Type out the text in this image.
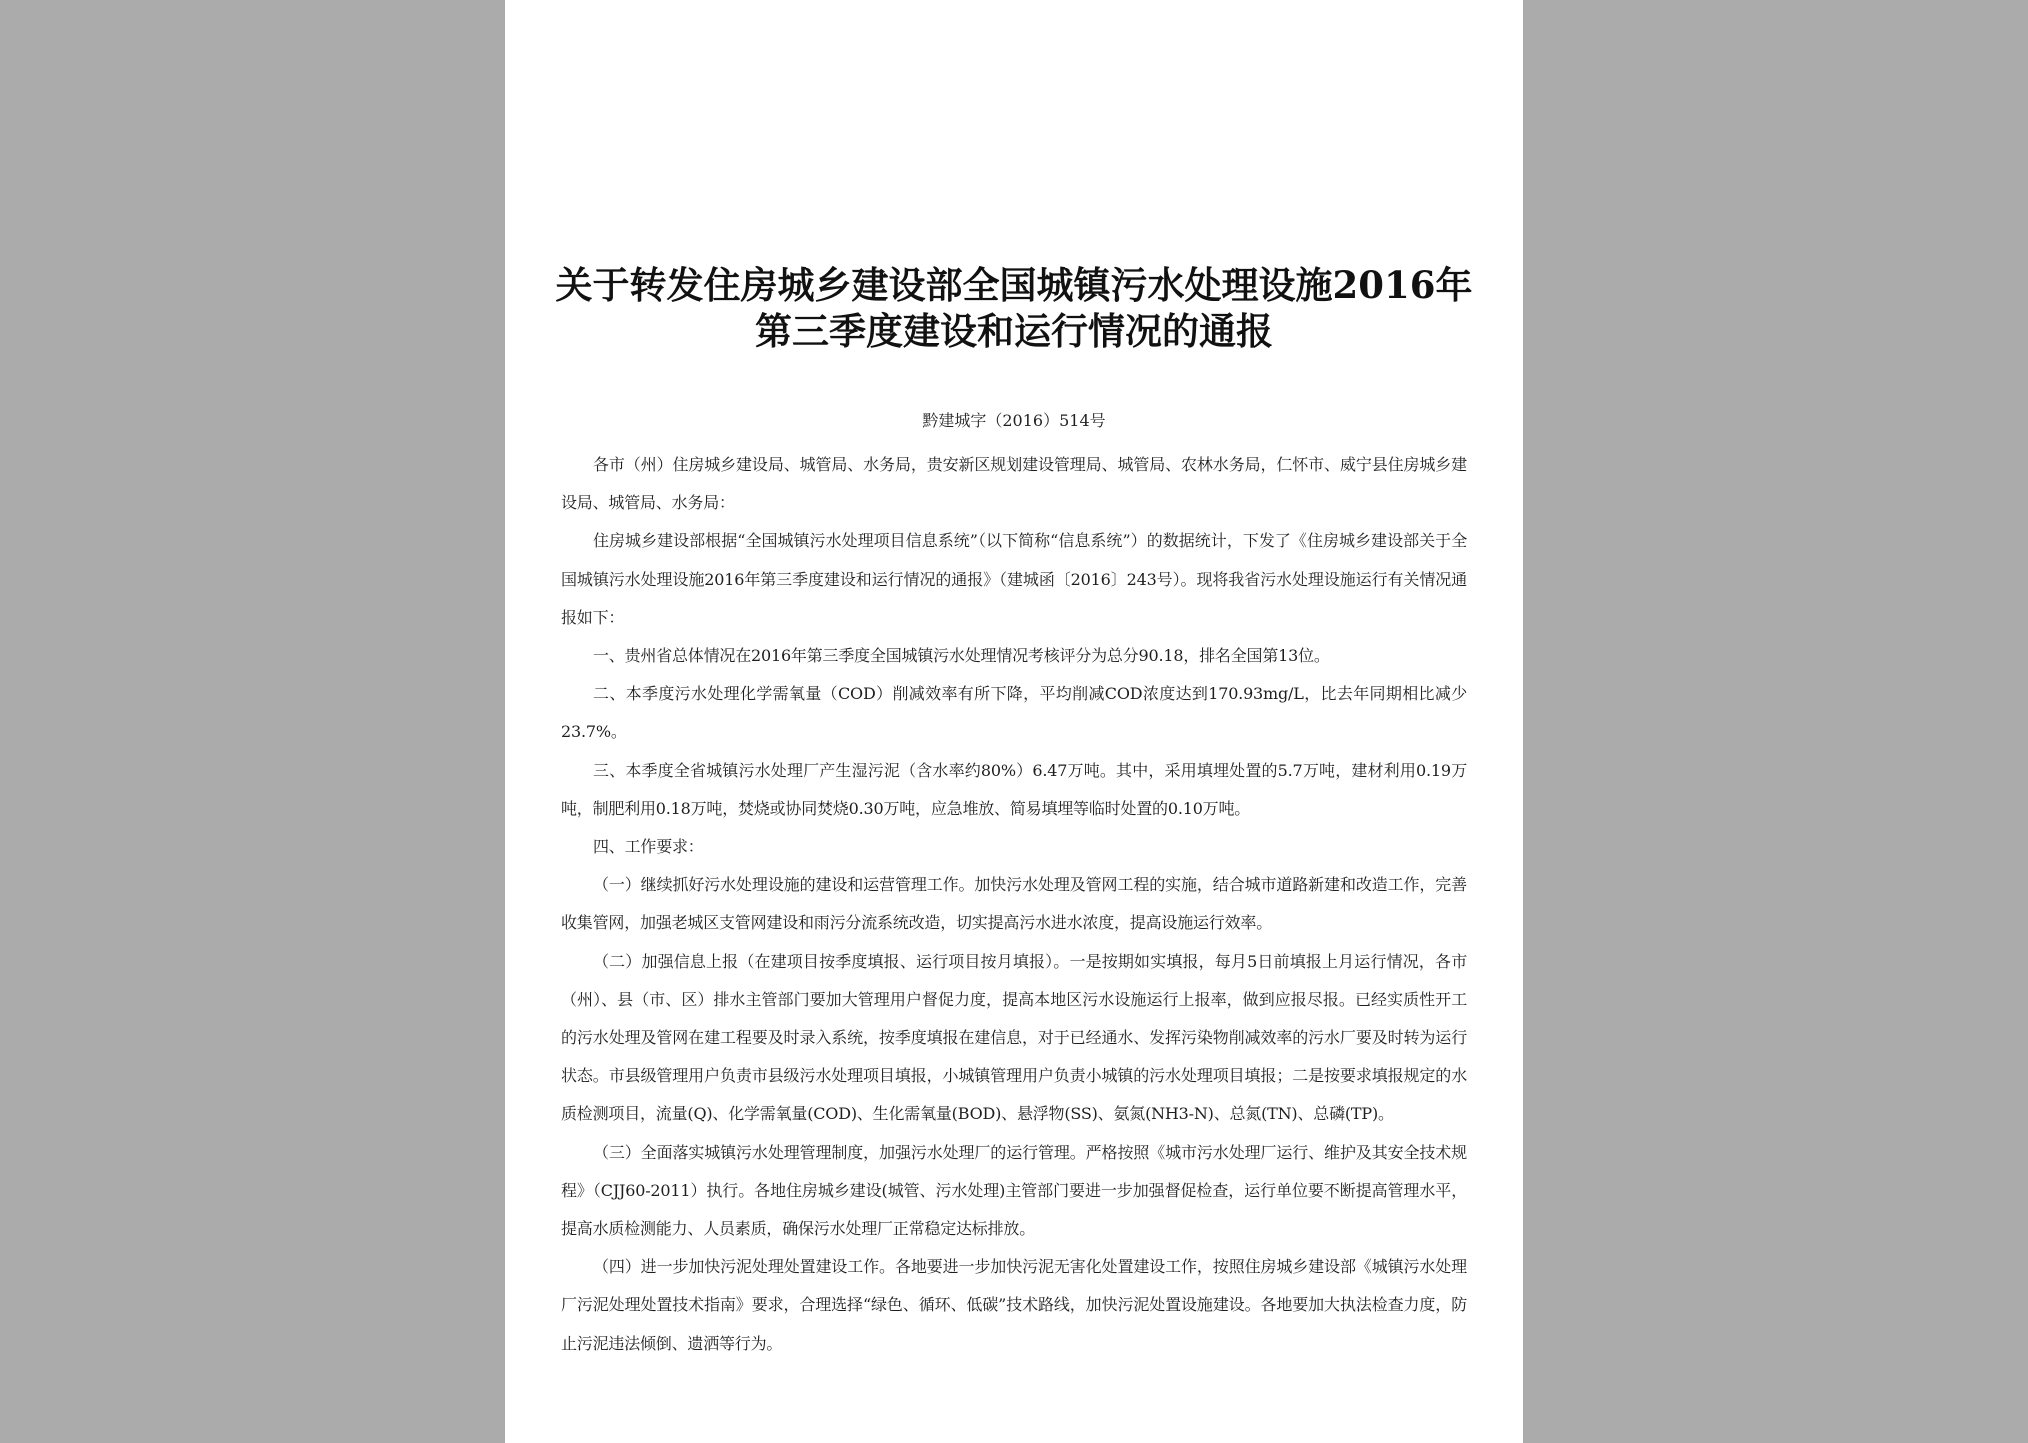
关于转发住房城乡建设部全国城镇污水处理设施2016年
第三季度建设和运行情况的通报
黔建城字（2016）514号

各市（州）住房城乡建设局、城管局、水务局，贵安新区规划建设管理局、城管局、农林水务局，仁怀市、威宁县住房城乡建设局、城管局、水务局：

住房城乡建设部根据“全国城镇污水处理项目信息系统”（以下简称“信息系统”）的数据统计，下发了《住房城乡建设部关于全国城镇污水处理设施2016年第三季度建设和运行情况的通报》（建城函〔2016〕243号）。现将我省污水处理设施运行有关情况通报如下：

一、贵州省总体情况在2016年第三季度全国城镇污水处理情况考核评分为总分90.18，排名全国第13位。

二、本季度污水处理化学需氧量（COD）削减效率有所下降，平均削减COD浓度达到170.93mg/L，比去年同期相比减少23.7%。

三、本季度全省城镇污水处理厂产生湿污泥（含水率约80%）6.47万吨。其中，采用填埋处置的5.7万吨，建材利用0.19万吨，制肥利用0.18万吨，焚烧或协同焚烧0.30万吨，应急堆放、简易填埋等临时处置的0.10万吨。

四、工作要求：

（一）继续抓好污水处理设施的建设和运营管理工作。加快污水处理及管网工程的实施，结合城市道路新建和改造工作，完善收集管网，加强老城区支管网建设和雨污分流系统改造，切实提高污水进水浓度，提高设施运行效率。

（二）加强信息上报（在建项目按季度填报、运行项目按月填报）。一是按期如实填报，每月5日前填报上月运行情况，各市（州）、县（市、区）排水主管部门要加大管理用户督促力度，提高本地区污水设施运行上报率，做到应报尽报。已经实质性开工的污水处理及管网在建工程要及时录入系统，按季度填报在建信息，对于已经通水、发挥污染物削减效率的污水厂要及时转为运行状态。市县级管理用户负责市县级污水处理项目填报，小城镇管理用户负责小城镇的污水处理项目填报；二是按要求填报规定的水质检测项目，流量(Q)、化学需氧量(COD)、生化需氧量(BOD)、悬浮物(SS)、氨氮(NH3-N)、总氮(TN)、总磷(TP)。

（三）全面落实城镇污水处理管理制度，加强污水处理厂的运行管理。严格按照《城市污水处理厂运行、维护及其安全技术规程》（CJJ60-2011）执行。各地住房城乡建设(城管、污水处理)主管部门要进一步加强督促检查，运行单位要不断提高管理水平，提高水质检测能力、人员素质，确保污水处理厂正常稳定达标排放。

（四）进一步加快污泥处理处置建设工作。各地要进一步加快污泥无害化处置建设工作，按照住房城乡建设部《城镇污水处理厂污泥处理处置技术指南》要求，合理选择“绿色、循环、低碳”技术路线，加快污泥处置设施建设。各地要加大执法检查力度，防止污泥违法倾倒、遗洒等行为。
